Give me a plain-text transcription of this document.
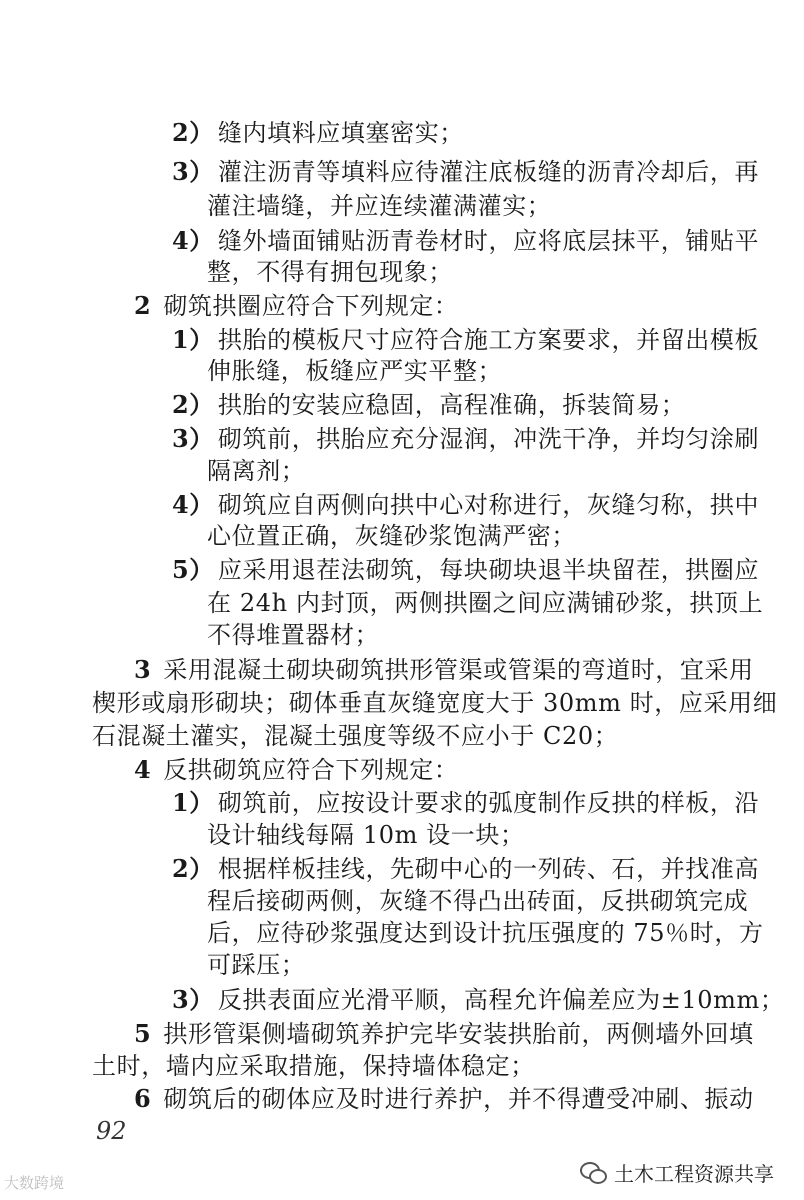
2） 缝内填料应填塞密实；
3） 灌注沥青等填料应待灌注底板缝的沥青冷却后，再
灌注墙缝，并应连续灌满灌实；
4） 缝外墙面铺贴沥青卷材时，应将底层抹平，铺贴平
整，不得有拥包现象；
2 砌筑拱圈应符合下列规定：
1） 拱胎的模板尺寸应符合施工方案要求，并留出模板
伸胀缝，板缝应严实平整；
2） 拱胎的安装应稳固，高程准确，拆装简易；
3） 砌筑前，拱胎应充分湿润，冲洗干净，并均匀涂刷
隔离剂；
4） 砌筑应自两侧向拱中心对称进行，灰缝匀称，拱中
心位置正确，灰缝砂浆饱满严密；
5） 应采用退茬法砌筑，每块砌块退半块留茬，拱圈应
在 24h 内封顶，两侧拱圈之间应满铺砂浆，拱顶上
不得堆置器材；
3 采用混凝土砌块砌筑拱形管渠或管渠的弯道时，宜采用
楔形或扇形砌块；砌体垂直灰缝宽度大于 30mm 时，应采用细
石混凝土灌实，混凝土强度等级不应小于 C20；
4 反拱砌筑应符合下列规定：
1） 砌筑前，应按设计要求的弧度制作反拱的样板，沿
设计轴线每隔 10m 设一块；
2） 根据样板挂线，先砌中心的一列砖、石，并找准高
程后接砌两侧，灰缝不得凸出砖面，反拱砌筑完成
后，应待砂浆强度达到设计抗压强度的 75％时，方
可踩压；
3） 反拱表面应光滑平顺，高程允许偏差应为±10mm；
5 拱形管渠侧墙砌筑养护完毕安装拱胎前，两侧墙外回填
土时，墙内应采取措施，保持墙体稳定；
6 砌筑后的砌体应及时进行养护，并不得遭受冲刷、振动
92
大数跨境	土木工程资源共享
